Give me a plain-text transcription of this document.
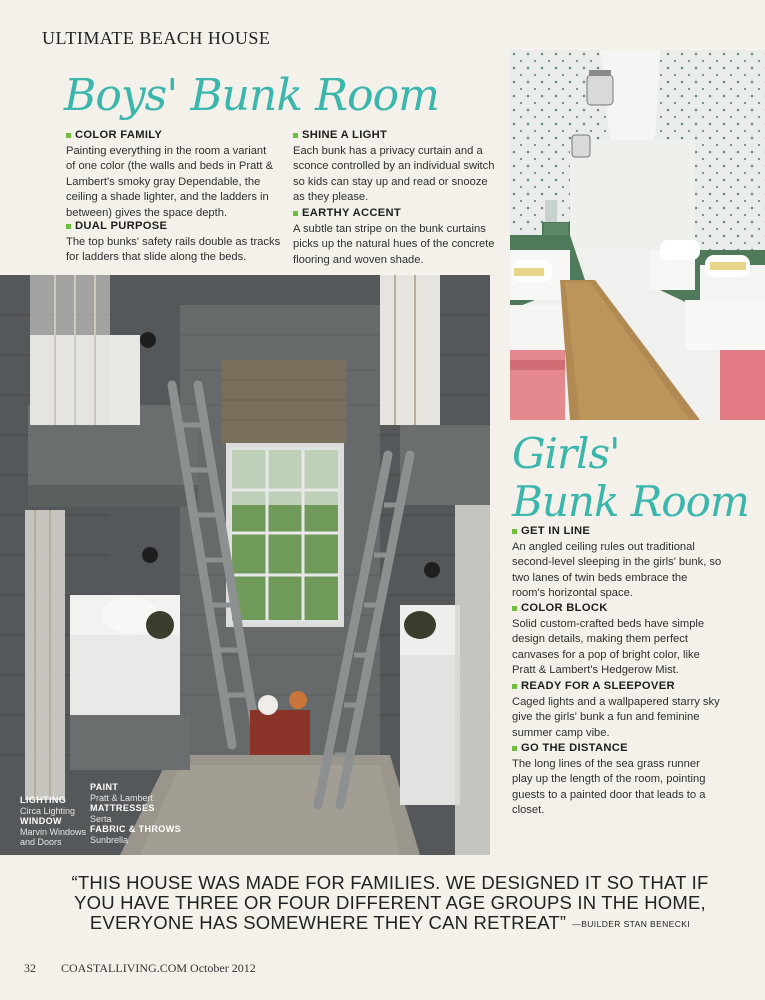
ULTIMATE BEACH HOUSE
Boys' Bunk Room
COLOR FAMILY
Painting everything in the room a variant of one color (the walls and beds in Pratt & Lambert's smoky gray Dependable, the ceiling a shade lighter, and the ladders in between) gives the space depth.
DUAL PURPOSE
The top bunks' safety rails double as tracks for ladders that slide along the beds.
SHINE A LIGHT
Each bunk has a privacy curtain and a sconce controlled by an individual switch so kids can stay up and read or snooze as they please.
EARTHY ACCENT
A subtle tan stripe on the bunk curtains picks up the natural hues of the concrete flooring and woven shade.
Girls'
Bunk Room
GET IN LINE
An angled ceiling rules out traditional second-level sleeping in the girls' bunk, so two lanes of twin beds embrace the room's horizontal space.
COLOR BLOCK
Solid custom-crafted beds have simple design details, making them perfect canvases for a pop of bright color, like Pratt & Lambert's Hedgerow Mist.
READY FOR A SLEEPOVER
Caged lights and a wallpapered starry sky give the girls' bunk a fun and feminine summer camp vibe.
GO THE DISTANCE
The long lines of the sea grass runner play up the length of the room, pointing guests to a painted door that leads to a closet.
LIGHTING
Circa Lighting
WINDOW
Marvin Windows
and Doors
PAINT
Pratt & Lambert
MATTRESSES
Serta
FABRIC & THROWS
Sunbrella
“THIS HOUSE WAS MADE FOR FAMILIES. WE DESIGNED IT SO THAT IF
YOU HAVE THREE OR FOUR DIFFERENT AGE GROUPS IN THE HOME,
EVERYONE HAS SOMEWHERE THEY CAN RETREAT” —BUILDER STAN BENECKI
32 COASTALLIVING.COM October 2012
